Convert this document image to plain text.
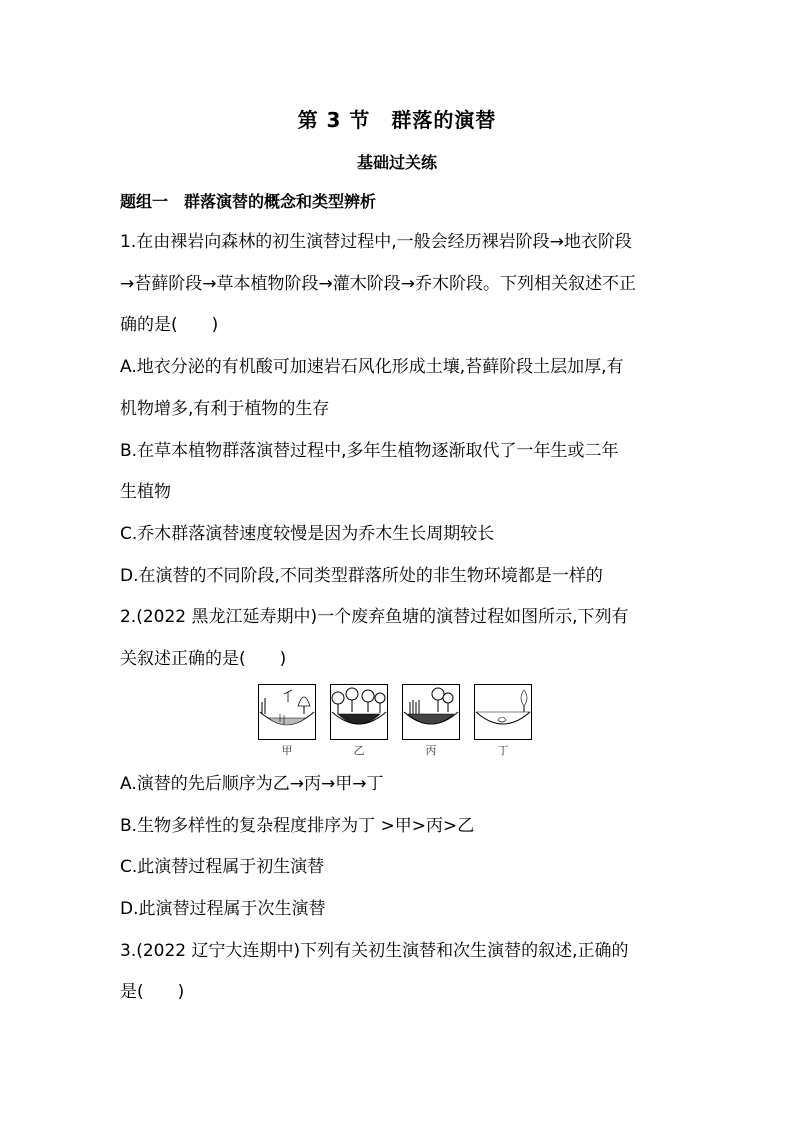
第 3 节　群落的演替
基础过关练
题组一　群落演替的概念和类型辨析
1.在由裸岩向森林的初生演替过程中,一般会经历裸岩阶段→地衣阶段
→苔藓阶段→草本植物阶段→灌木阶段→乔木阶段。下列相关叙述不正
确的是(　　)
A.地衣分泌的有机酸可加速岩石风化形成土壤,苔藓阶段土层加厚,有
机物增多,有利于植物的生存
B.在草本植物群落演替过程中,多年生植物逐渐取代了一年生或二年
生植物
C.乔木群落演替速度较慢是因为乔木生长周期较长
D.在演替的不同阶段,不同类型群落所处的非生物环境都是一样的
2.(2022 黑龙江延寿期中)一个废弃鱼塘的演替过程如图所示,下列有
关叙述正确的是(　　)
甲	乙	丙	丁
A.演替的先后顺序为乙→丙→甲→丁
B.生物多样性的复杂程度排序为丁 >甲>丙>乙
C.此演替过程属于初生演替
D.此演替过程属于次生演替
3.(2022 辽宁大连期中)下列有关初生演替和次生演替的叙述,正确的
是(　　)
